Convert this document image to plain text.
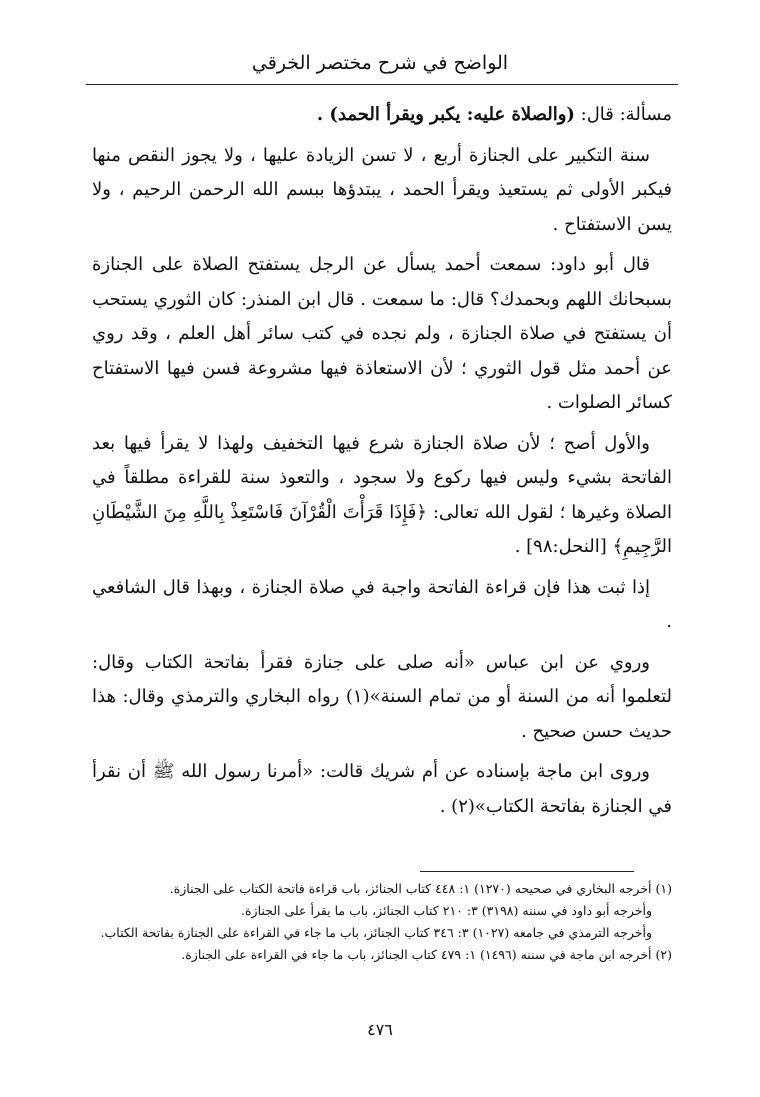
الواضح في شرح مختصر الخرقي

مسألة: قال: (والصلاة عليه: يكبر ويقرأ الحمد) .

سنة التكبير على الجنازة أربع ، لا تسن الزيادة عليها ، ولا يجوز النقص منها فيكبر الأولى ثم يستعيذ ويقرأ الحمد ، يبتدؤها ببسم الله الرحمن الرحيم ، ولا يسن الاستفتاح .

قال أبو داود: سمعت أحمد يسأل عن الرجل يستفتح الصلاة على الجنازة بسبحانك اللهم وبحمدك؟ قال: ما سمعت . قال ابن المنذر: كان الثوري يستحب أن يستفتح في صلاة الجنازة ، ولم نجده في كتب سائر أهل العلم ، وقد روي عن أحمد مثل قول الثوري ؛ لأن الاستعاذة فيها مشروعة فسن فيها الاستفتاح كسائر الصلوات .

والأول أصح ؛ لأن صلاة الجنازة شرع فيها التخفيف ولهذا لا يقرأ فيها بعد الفاتحة بشيء وليس فيها ركوع ولا سجود ، والتعوذ سنة للقراءة مطلقاً في الصلاة وغيرها ؛ لقول الله تعالى: ﴿فَإِذَا قَرَأْتَ الْقُرْآنَ فَاسْتَعِذْ بِاللَّهِ مِنَ الشَّيْطَانِ الرَّجِيمِ﴾ [النحل:٩٨] .

إذا ثبت هذا فإن قراءة الفاتحة واجبة في صلاة الجنازة ، وبهذا قال الشافعي .

وروي عن ابن عباس «أنه صلى على جنازة فقرأ بفاتحة الكتاب وقال: لتعلموا أنه من السنة أو من تمام السنة»(١) رواه البخاري والترمذي وقال: هذا حديث حسن صحيح .

وروى ابن ماجة بإسناده عن أم شريك قالت: «أمرنا رسول الله ﷺ أن نقرأ في الجنازة بفاتحة الكتاب»(٢) .

(١) أخرجه البخاري في صحيحه (١٢٧٠) ١: ٤٤٨ كتاب الجنائز، باب قراءة فاتحة الكتاب على الجنازة.

وأخرجه أبو داود في سننه (٣١٩٨) ٣: ٢١٠ كتاب الجنائز، باب ما يقرأ على الجنازة.

وأخرجه الترمذي في جامعه (١٠٢٧) ٣: ٣٤٦ كتاب الجنائز، باب ما جاء في القراءة على الجنازة بفاتحة الكتاب.

(٢) أخرجه ابن ماجة في سننه (١٤٩٦) ١: ٤٧٩ كتاب الجنائز، باب ما جاء في القراءة على الجنازة.

٤٧٦
